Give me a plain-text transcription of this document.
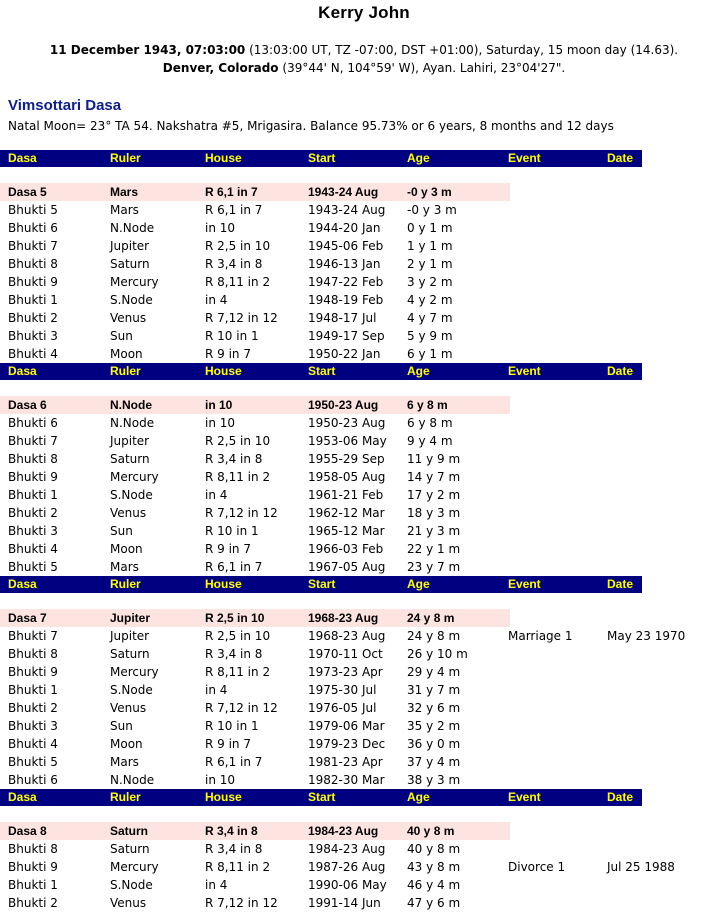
Kerry John
11 December 1943, 07:03:00 (13:03:00 UT, TZ -07:00, DST +01:00), Saturday, 15 moon day (14.63).
Denver, Colorado (39°44' N, 104°59' W), Ayan. Lahiri, 23°04'27".
Vimsottari Dasa
Natal Moon= 23° TA 54. Nakshatra #5, Mrigasira. Balance 95.73% or 6 years, 8 months and 12 days
Dasa	Ruler	House	Start	Age	Event	Date
Dasa 5	Mars	R 6,1 in 7	1943-24 Aug	-0 y 3 m
Bhukti 5	Mars	R 6,1 in 7	1943-24 Aug	-0 y 3 m
Bhukti 6	N.Node	in 10	1944-20 Jan	0 y 1 m
Bhukti 7	Jupiter	R 2,5 in 10	1945-06 Feb	1 y 1 m
Bhukti 8	Saturn	R 3,4 in 8	1946-13 Jan	2 y 1 m
Bhukti 9	Mercury	R 8,11 in 2	1947-22 Feb	3 y 2 m
Bhukti 1	S.Node	in 4	1948-19 Feb	4 y 2 m
Bhukti 2	Venus	R 7,12 in 12	1948-17 Jul	4 y 7 m
Bhukti 3	Sun	R 10 in 1	1949-17 Sep	5 y 9 m
Bhukti 4	Moon	R 9 in 7	1950-22 Jan	6 y 1 m
Dasa	Ruler	House	Start	Age	Event	Date
Dasa 6	N.Node	in 10	1950-23 Aug	6 y 8 m
Bhukti 6	N.Node	in 10	1950-23 Aug	6 y 8 m
Bhukti 7	Jupiter	R 2,5 in 10	1953-06 May	9 y 4 m
Bhukti 8	Saturn	R 3,4 in 8	1955-29 Sep	11 y 9 m
Bhukti 9	Mercury	R 8,11 in 2	1958-05 Aug	14 y 7 m
Bhukti 1	S.Node	in 4	1961-21 Feb	17 y 2 m
Bhukti 2	Venus	R 7,12 in 12	1962-12 Mar	18 y 3 m
Bhukti 3	Sun	R 10 in 1	1965-12 Mar	21 y 3 m
Bhukti 4	Moon	R 9 in 7	1966-03 Feb	22 y 1 m
Bhukti 5	Mars	R 6,1 in 7	1967-05 Aug	23 y 7 m
Dasa	Ruler	House	Start	Age	Event	Date
Dasa 7	Jupiter	R 2,5 in 10	1968-23 Aug	24 y 8 m
Bhukti 7	Jupiter	R 2,5 in 10	1968-23 Aug	24 y 8 m	Marriage 1	May 23 1970
Bhukti 8	Saturn	R 3,4 in 8	1970-11 Oct	26 y 10 m
Bhukti 9	Mercury	R 8,11 in 2	1973-23 Apr	29 y 4 m
Bhukti 1	S.Node	in 4	1975-30 Jul	31 y 7 m
Bhukti 2	Venus	R 7,12 in 12	1976-05 Jul	32 y 6 m
Bhukti 3	Sun	R 10 in 1	1979-06 Mar	35 y 2 m
Bhukti 4	Moon	R 9 in 7	1979-23 Dec	36 y 0 m
Bhukti 5	Mars	R 6,1 in 7	1981-23 Apr	37 y 4 m
Bhukti 6	N.Node	in 10	1982-30 Mar	38 y 3 m
Dasa	Ruler	House	Start	Age	Event	Date
Dasa 8	Saturn	R 3,4 in 8	1984-23 Aug	40 y 8 m
Bhukti 8	Saturn	R 3,4 in 8	1984-23 Aug	40 y 8 m
Bhukti 9	Mercury	R 8,11 in 2	1987-26 Aug	43 y 8 m	Divorce 1	Jul 25 1988
Bhukti 1	S.Node	in 4	1990-06 May	46 y 4 m
Bhukti 2	Venus	R 7,12 in 12	1991-14 Jun	47 y 6 m
